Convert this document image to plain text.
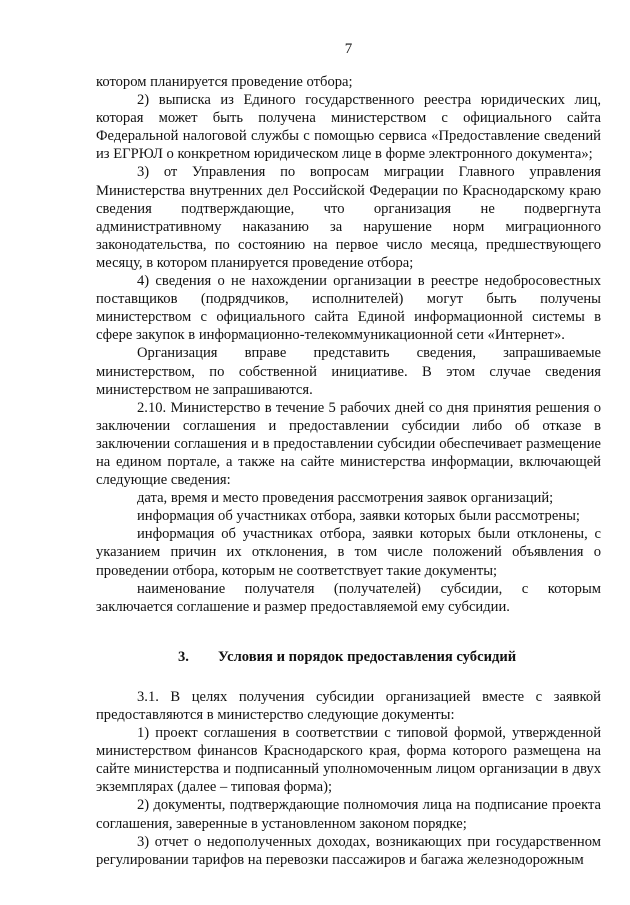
7

котором планируется проведение отбора;

2) выписка из Единого государственного реестра юридических лиц, которая может быть получена министерством с официального сайта Федеральной налоговой службы с помощью сервиса «Предоставление сведений из ЕГРЮЛ о конкретном юридическом лице в форме электронного документа»;

3) от Управления по вопросам миграции Главного управления Министерства внутренних дел Российской Федерации по Краснодарскому краю сведения подтверждающие, что организация не подвергнута административному наказанию за нарушение норм миграционного законодательства, по состоянию на первое число месяца, предшествующего месяцу, в котором планируется проведение отбора;

4) сведения о не нахождении организации в реестре недобросовестных поставщиков (подрядчиков, исполнителей) могут быть получены министерством с официального сайта Единой информационной системы в сфере закупок в информационно-телекоммуникационной сети «Интернет».

Организация вправе представить сведения, запрашиваемые министерством, по собственной инициативе. В этом случае сведения министерством не запрашиваются.

2.10. Министерство в течение 5 рабочих дней со дня принятия решения о заключении соглашения и предоставлении субсидии либо об отказе в заключении соглашения и в предоставлении субсидии обеспечивает размещение на едином портале, а также на сайте министерства информации, включающей следующие сведения:

дата, время и место проведения рассмотрения заявок организаций;

информация об участниках отбора, заявки которых были рассмотрены;

информация об участниках отбора, заявки которых были отклонены, с указанием причин их отклонения, в том числе положений объявления о проведении отбора, которым не соответствует такие документы;

наименование получателя (получателей) субсидии, с которым заключается соглашение и размер предоставляемой ему субсидии.

3. Условия и порядок предоставления субсидий

3.1. В целях получения субсидии организацией вместе с заявкой предоставляются в министерство следующие документы:

1) проект соглашения в соответствии с типовой формой, утвержденной министерством финансов Краснодарского края, форма которого размещена на сайте министерства и подписанный уполномоченным лицом организации в двух экземплярах (далее – типовая форма);

2) документы, подтверждающие полномочия лица на подписание проекта соглашения, заверенные в установленном законом порядке;

3) отчет о недополученных доходах, возникающих при государственном регулировании тарифов на перевозки пассажиров и багажа железнодорожным
